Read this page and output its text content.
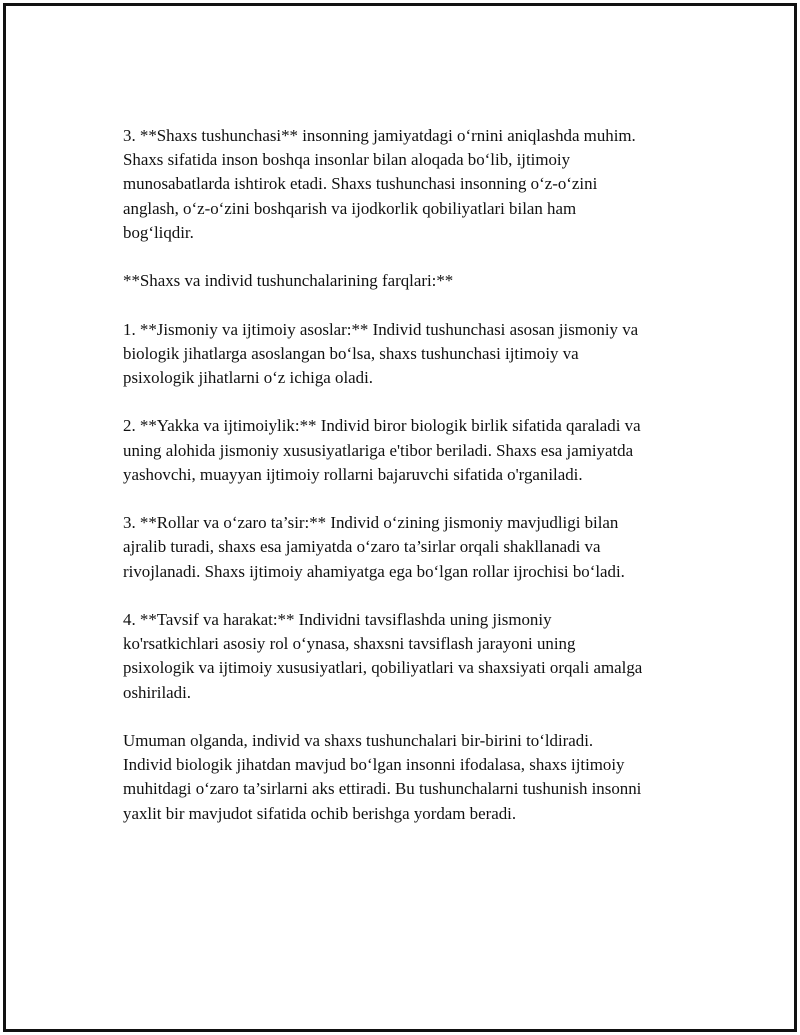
3. **Shaxs tushunchasi** insonning jamiyatdagi o‘rnini aniqlashda muhim.
Shaxs sifatida inson boshqa insonlar bilan aloqada bo‘lib, ijtimoiy
munosabatlarda ishtirok etadi. Shaxs tushunchasi insonning o‘z-o‘zini
anglash, o‘z-o‘zini boshqarish va ijodkorlik qobiliyatlari bilan ham
bog‘liqdir.

**Shaxs va individ tushunchalarining farqlari:**

1. **Jismoniy va ijtimoiy asoslar:** Individ tushunchasi asosan jismoniy va
biologik jihatlarga asoslangan bo‘lsa, shaxs tushunchasi ijtimoiy va
psixologik jihatlarni o‘z ichiga oladi.

2. **Yakka va ijtimoiylik:** Individ biror biologik birlik sifatida qaraladi va
uning alohida jismoniy xususiyatlariga e'tibor beriladi. Shaxs esa jamiyatda
yashovchi, muayyan ijtimoiy rollarni bajaruvchi sifatida o'rganiladi.

3. **Rollar va o‘zaro ta’sir:** Individ o‘zining jismoniy mavjudligi bilan
ajralib turadi, shaxs esa jamiyatda o‘zaro ta’sirlar orqali shakllanadi va
rivojlanadi. Shaxs ijtimoiy ahamiyatga ega bo‘lgan rollar ijrochisi bo‘ladi.

4. **Tavsif va harakat:** Individni tavsiflashda uning jismoniy
ko'rsatkichlari asosiy rol o‘ynasa, shaxsni tavsiflash jarayoni uning
psixologik va ijtimoiy xususiyatlari, qobiliyatlari va shaxsiyati orqali amalga
oshiriladi.

Umuman olganda, individ va shaxs tushunchalari bir-birini to‘ldiradi.
Individ biologik jihatdan mavjud bo‘lgan insonni ifodalasa, shaxs ijtimoiy
muhitdagi o‘zaro ta’sirlarni aks ettiradi. Bu tushunchalarni tushunish insonni
yaxlit bir mavjudot sifatida ochib berishga yordam beradi.
